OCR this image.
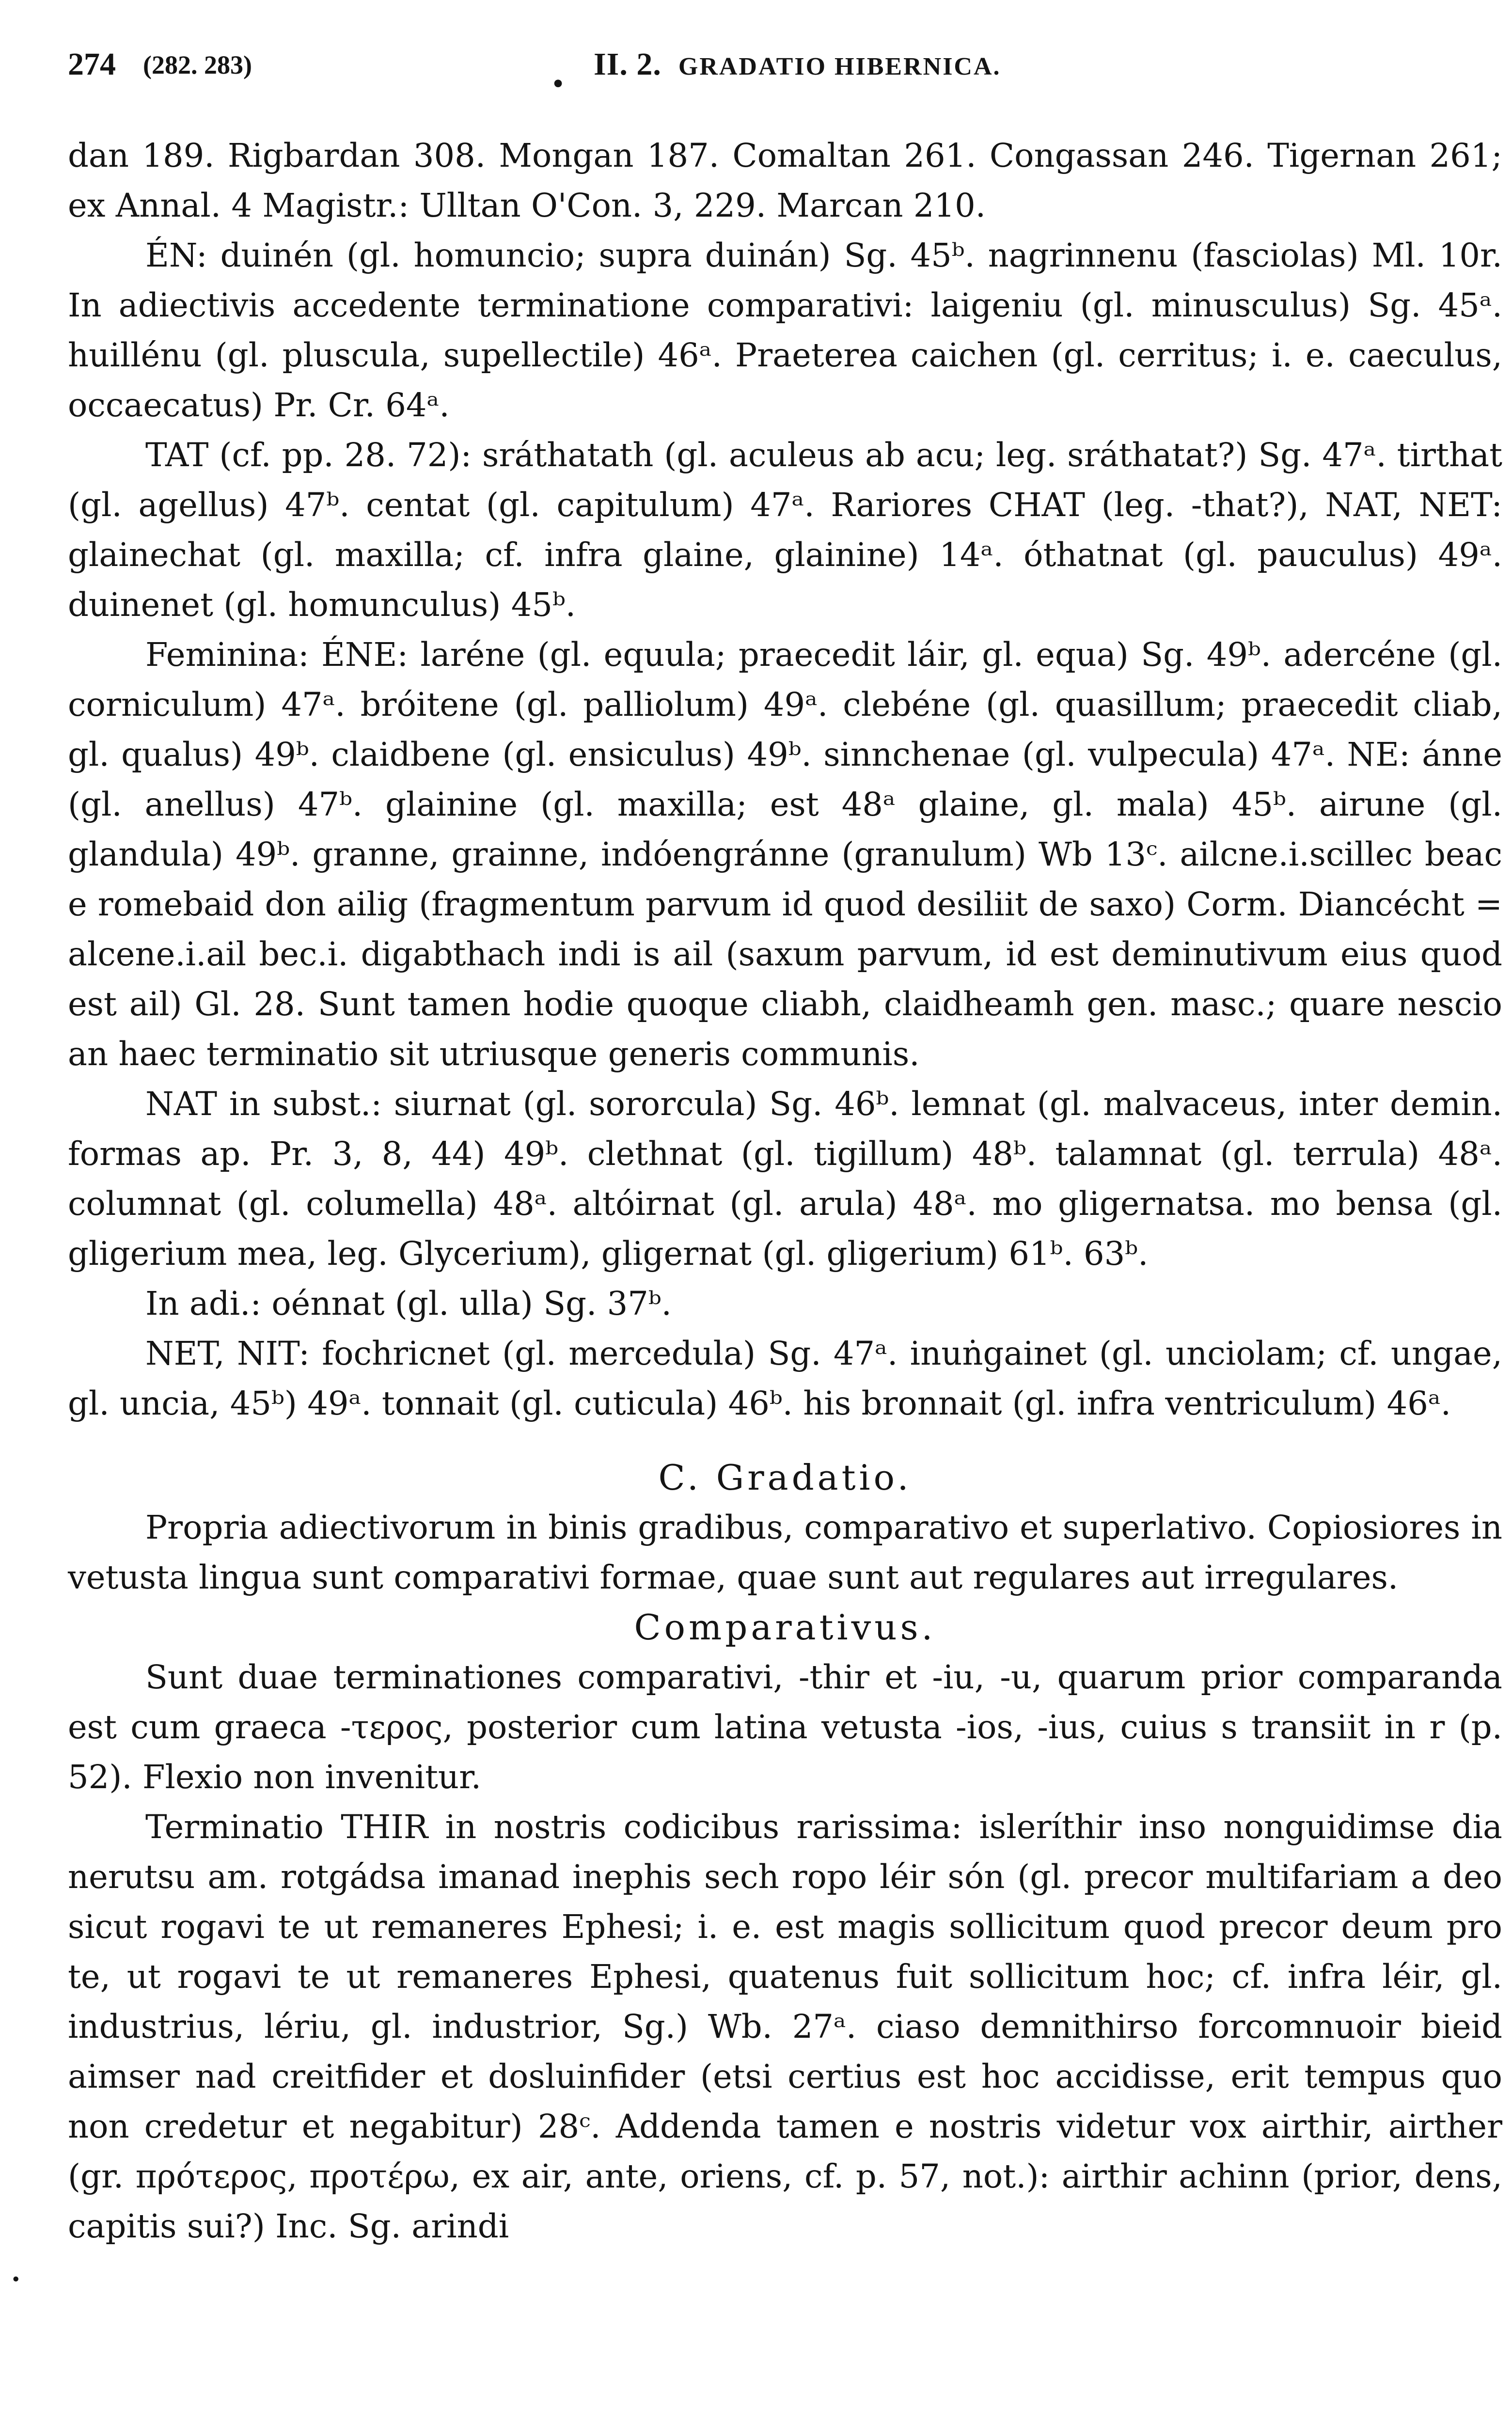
274 (282. 283)
•
II. 2. GRADATIO HIBERNICA.

dan 189. Rigbardan 308. Mongan 187. Comaltan 261. Congassan 246. Tigernan 261; ex Annal. 4 Magistr.: Ulltan O'Con. 3, 229. Marcan 210.

ÉN: duinén (gl. homuncio; supra duinán) Sg. 45ᵇ. nagrinnenu (fasciolas) Ml. 10r. In adiectivis accedente terminatione comparativi: laigeniu (gl. minusculus) Sg. 45ᵃ. huillénu (gl. pluscula, supellectile) 46ᵃ. Praeterea caichen (gl. cerritus; i. e. caeculus, occaecatus) Pr. Cr. 64ᵃ.

TAT (cf. pp. 28. 72): sráthatath (gl. aculeus ab acu; leg. sráthatat?) Sg. 47ᵃ. tirthat (gl. agellus) 47ᵇ. centat (gl. capitulum) 47ᵃ. Rariores CHAT (leg. -that?), NAT, NET: glainechat (gl. maxilla; cf. infra glaine, glainine) 14ᵃ. óthatnat (gl. pauculus) 49ᵃ. duinenet (gl. homunculus) 45ᵇ.

Feminina: ÉNE: laréne (gl. equula; praecedit láir, gl. equa) Sg. 49ᵇ. adercéne (gl. corniculum) 47ᵃ. bróitene (gl. palliolum) 49ᵃ. clebéne (gl. quasillum; praecedit cliab, gl. qualus) 49ᵇ. claidbene (gl. ensiculus) 49ᵇ. sinnchenae (gl. vulpecula) 47ᵃ. NE: ánne (gl. anellus) 47ᵇ. glainine (gl. maxilla; est 48ᵃ glaine, gl. mala) 45ᵇ. airune (gl. glandula) 49ᵇ. granne, grainne, indóengránne (granulum) Wb 13ᶜ. ailcne.i.scillec beac e romebaid don ailig (fragmentum parvum id quod desiliit de saxo) Corm. Diancécht = alcene.i.ail bec.i. digabthach indi is ail (saxum parvum, id est deminutivum eius quod est ail) Gl. 28. Sunt tamen hodie quoque cliabh, claidheamh gen. masc.; quare nescio an haec terminatio sit utriusque generis communis.

NAT in subst.: siurnat (gl. sororcula) Sg. 46ᵇ. lemnat (gl. malvaceus, inter demin. formas ap. Pr. 3, 8, 44) 49ᵇ. clethnat (gl. tigillum) 48ᵇ. talamnat (gl. terrula) 48ᵃ. columnat (gl. columella) 48ᵃ. altóirnat (gl. arula) 48ᵃ. mo gligernatsa. mo bensa (gl. gligerium mea, leg. Glycerium), gligernat (gl. gligerium) 61ᵇ. 63ᵇ.

In adi.: oénnat (gl. ulla) Sg. 37ᵇ.

NET, NIT: fochricnet (gl. mercedula) Sg. 47ᵃ. inuṅgainet (gl. unciolam; cf. ungae, gl. uncia, 45ᵇ) 49ᵃ. tonnait (gl. cuticula) 46ᵇ. his bronnait (gl. infra ventriculum) 46ᵃ.

C. Gradatio.

Propria adiectivorum in binis gradibus, comparativo et superlativo. Copiosiores in vetusta lingua sunt comparativi formae, quae sunt aut regulares aut irregulares.

Comparativus.

Sunt duae terminationes comparativi, -thir et -iu, -u, quarum prior comparanda est cum graeca -τερος, posterior cum latina vetusta -ios, -ius, cuius s transiit in r (p. 52). Flexio non invenitur.

Terminatio THIR in nostris codicibus rarissima: isleríthir inso nonguidimse dia nerutsu am. rotgádsa imanad inephis sech ropo léir són (gl. precor multifariam a deo sicut rogavi te ut remaneres Ephesi; i. e. est magis sollicitum quod precor deum pro te, ut rogavi te ut remaneres Ephesi, quatenus fuit sollicitum hoc; cf. infra léir, gl. industrius, lériu, gl. industrior, Sg.) Wb. 27ᵃ. ciaso demnithirso forcomnuoir bieid aimser nad creitfider et dosluinfider (etsi certius est hoc accidisse, erit tempus quo non credetur et negabitur) 28ᶜ. Addenda tamen e nostris videtur vox airthir, airther (gr. πρότερος, προτέρω, ex air, ante, oriens, cf. p. 57, not.): airthir achinn (prior, dens, capitis sui?) Inc. Sg. arindi

.
